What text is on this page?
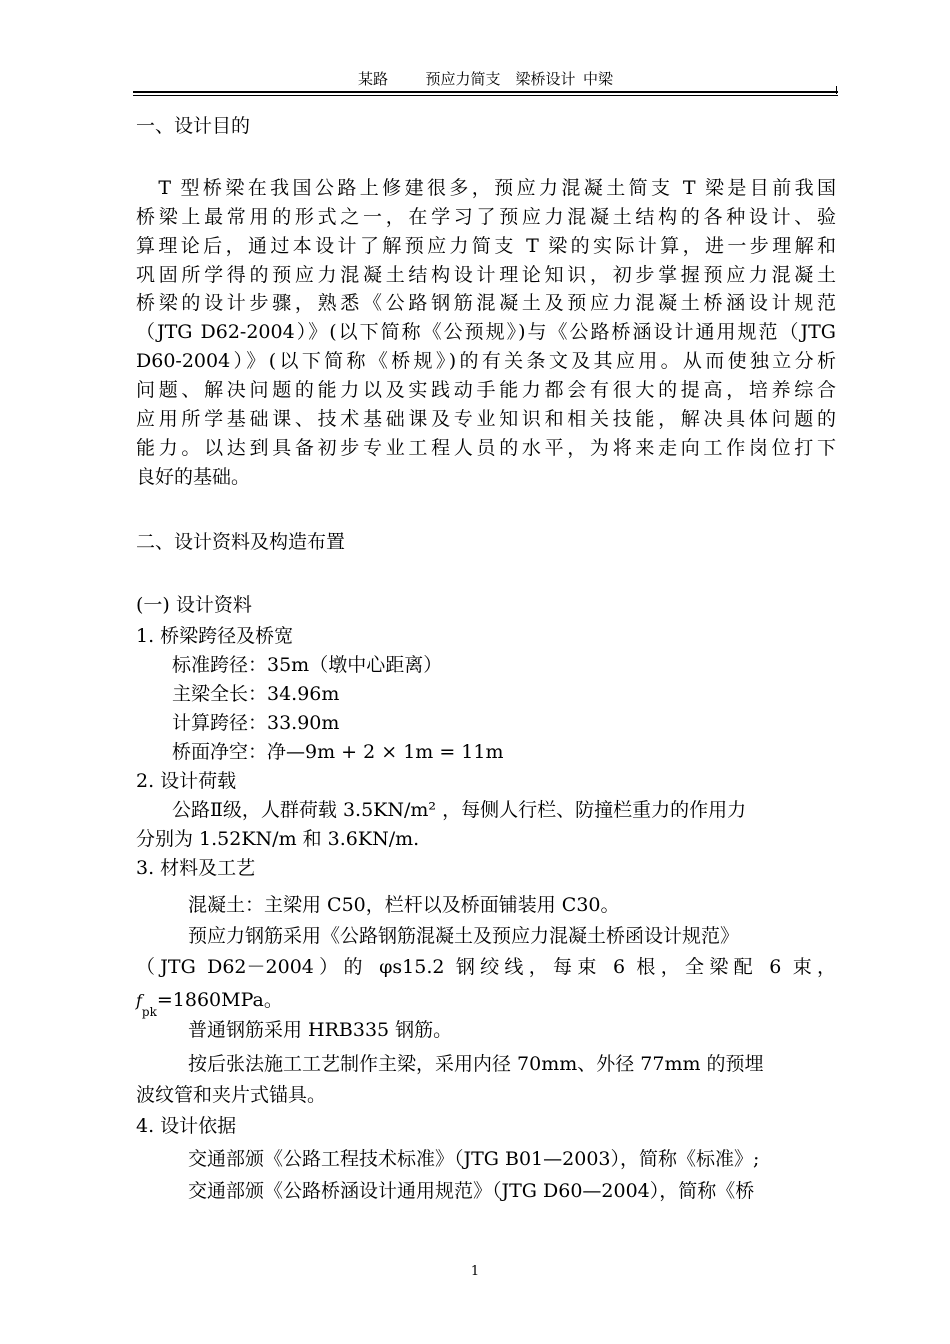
某路   	预应力简支   梁桥设计  中梁
一、设计目的
　T 型桥梁在我国公路上修建很多，预应力混凝土简支 T 梁是目前我国
桥梁上最常用的形式之一，在学习了预应力混凝土结构的各种设计、验
算理论后，通过本设计了解预应力简支 T 梁的实际计算，进一步理解和
巩固所学得的预应力混凝土结构设计理论知识，初步掌握预应力混凝土
桥梁的设计步骤，熟悉《公路钢筋混凝土及预应力混凝土桥涵设计规范
（JTG D62-2004）》(以下简称《公预规》)与《公路桥涵设计通用规范（JTG
D60-2004）》(以下简称《桥规》)的有关条文及其应用。从而使独立分析
问题、解决问题的能力以及实践动手能力都会有很大的提高，培养综合
应用所学基础课、技术基础课及专业知识和相关技能，解决具体问题的
能力。以达到具备初步专业工程人员的水平，为将来走向工作岗位打下
良好的基础。
二、设计资料及构造布置
(一) 设计资料
1. 桥梁跨径及桥宽
标准跨径：35m（墩中心距离）
主梁全长：34.96m
计算跨径：33.90m
桥面净空：净—9m + 2 × 1m = 11m
2. 设计荷载
公路Ⅱ级，人群荷载 3.5KN/m² ，每侧人行栏、防撞栏重力的作用力
分别为 1.52KN/m 和 3.6KN/m.
3. 材料及工艺
混凝土：主梁用 C50，栏杆以及桥面铺装用 C30。
预应力钢筋采用《公路钢筋混凝土及预应力混凝土桥函设计规范》
（JTG D62－2004）的 φs15.2 钢绞线，每束 6 根，全梁配 6 束，
$f_{pk}=1860MPa$。
普通钢筋采用 HRB335 钢筋。
按后张法施工工艺制作主梁，采用内径 70mm、外径 77mm 的预埋
波纹管和夹片式锚具。
4. 设计依据
交通部颁《公路工程技术标准》（JTG B01—2003），简称《标准》;
交通部颁《公路桥涵设计通用规范》（JTG D60—2004），简称《桥
1
